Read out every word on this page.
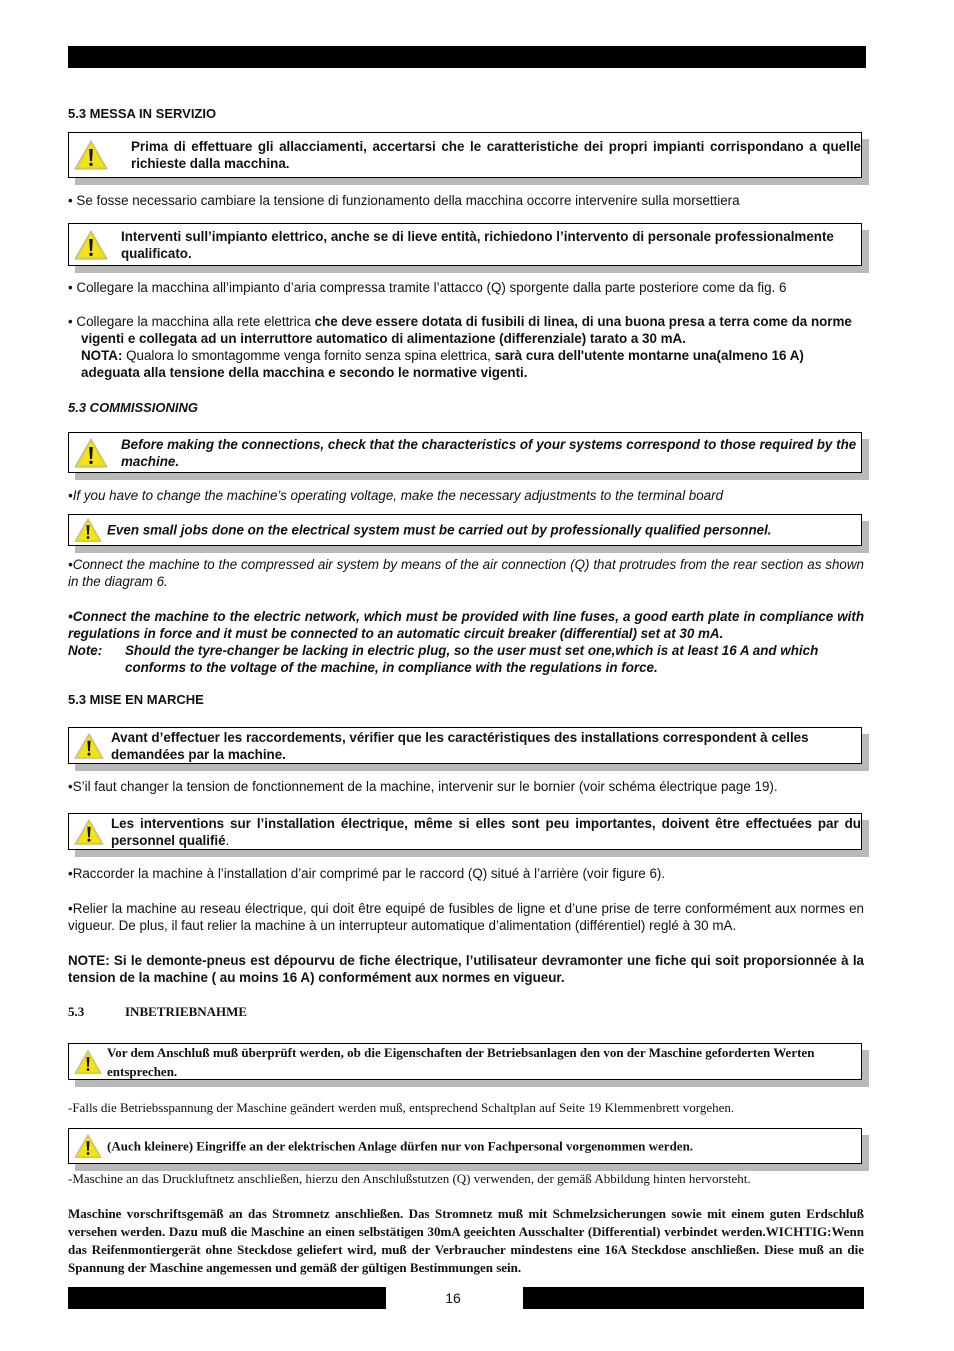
5.3 MESSA IN SERVIZIO
Prima di effettuare gli allacciamenti, accertarsi che le caratteristiche dei propri impianti corrispondano a quelle richieste dalla macchina.
• Se fosse necessario cambiare la tensione di funzionamento della macchina occorre intervenire sulla morsettiera
Interventi sull’impianto elettrico, anche se di lieve entità, richiedono l’intervento di personale professionalmente qualificato.
• Collegare la macchina all’impianto d’aria compressa tramite l’attacco (Q) sporgente dalla parte posteriore come da fig. 6
• Collegare la macchina alla rete elettrica che deve essere dotata di fusibili di linea, di una buona presa a terra come da norme vigenti e collegata ad un interruttore automatico di alimentazione (differenziale) tarato a 30 mA.
NOTA: Qualora lo smontagomme venga fornito senza spina elettrica, sarà cura dell'utente montarne una(almeno 16 A) adeguata alla tensione della macchina e secondo le normative vigenti.
5.3 COMMISSIONING
Before making the connections, check that the characteristics of your systems correspond to those required by the machine.
•If you have to change the machine’s operating voltage, make the necessary adjustments to the terminal board
Even small jobs done on the electrical system must be carried out by professionally qualified personnel.
•Connect the machine to the compressed air system by means of the air connection (Q) that protrudes from the rear section as shown in the diagram 6.
•Connect the machine to the electric network, which must be provided with line fuses, a good earth plate in compliance with regulations in force and it must be connected to an automatic circuit breaker (differential) set at 30 mA.
Note:	Should the tyre-changer be lacking in electric plug, so the user must set one,which is at least 16 A and which conforms to the voltage of the machine, in compliance with the regulations in force.
5.3 MISE EN MARCHE
Avant d’effectuer les raccordements, vérifier que les caractéristiques des installations correspondent à celles demandées par la machine.
•S’il faut changer la tension de fonctionnement de la machine, intervenir sur le bornier (voir schéma électrique page 19).
Les interventions sur l’installation électrique, même si elles sont peu importantes, doivent être effectuées par du personnel qualifié.
•Raccorder la machine à l’installation d’air comprimé par le raccord (Q) situé à l’arrière (voir figure 6).
•Relier la machine au reseau électrique, qui doit être equipé de fusibles de ligne et d’une prise de terre conformément aux normes en vigueur. De plus, il faut relier la machine à un interrupteur automatique d’alimentation (différentiel) reglé à 30 mA.
NOTE: Si le demonte-pneus est dépourvu de fiche électrique, l’utilisateur devramonter une fiche qui soit proporsionnée à la tension de la machine ( au moins 16 A) conformément aux normes en vigueur.
5.3	INBETRIEBNAHME
Vor dem Anschluß muß überprüft werden, ob die Eigenschaften der Betriebsanlagen den von der Maschine geforderten Werten entsprechen.
-Falls die Betriebsspannung der Maschine geändert werden muß, entsprechend Schaltplan auf Seite 19 Klemmenbrett vorgehen.
(Auch kleinere) Eingriffe an der elektrischen Anlage dürfen nur von Fachpersonal vorgenommen werden.
-Maschine an das Druckluftnetz anschließen, hierzu den Anschlußstutzen (Q) verwenden, der gemäß Abbildung hinten hervorsteht.
Maschine vorschriftsgemäß an das Stromnetz anschließen. Das Stromnetz muß mit Schmelzsicherungen sowie mit einem guten Erdschluß versehen werden. Dazu muß die Maschine an einen selbstätigen 30mA geeichten Ausschalter (Differential) verbindet werden.WICHTIG:Wenn das Reifenmontiergerät ohne Steckdose geliefert wird, muß der Verbraucher mindestens eine 16A Steckdose anschließen. Diese muß an die Spannung der Maschine angemessen und gemäß der gültigen Bestimmungen sein.
16
